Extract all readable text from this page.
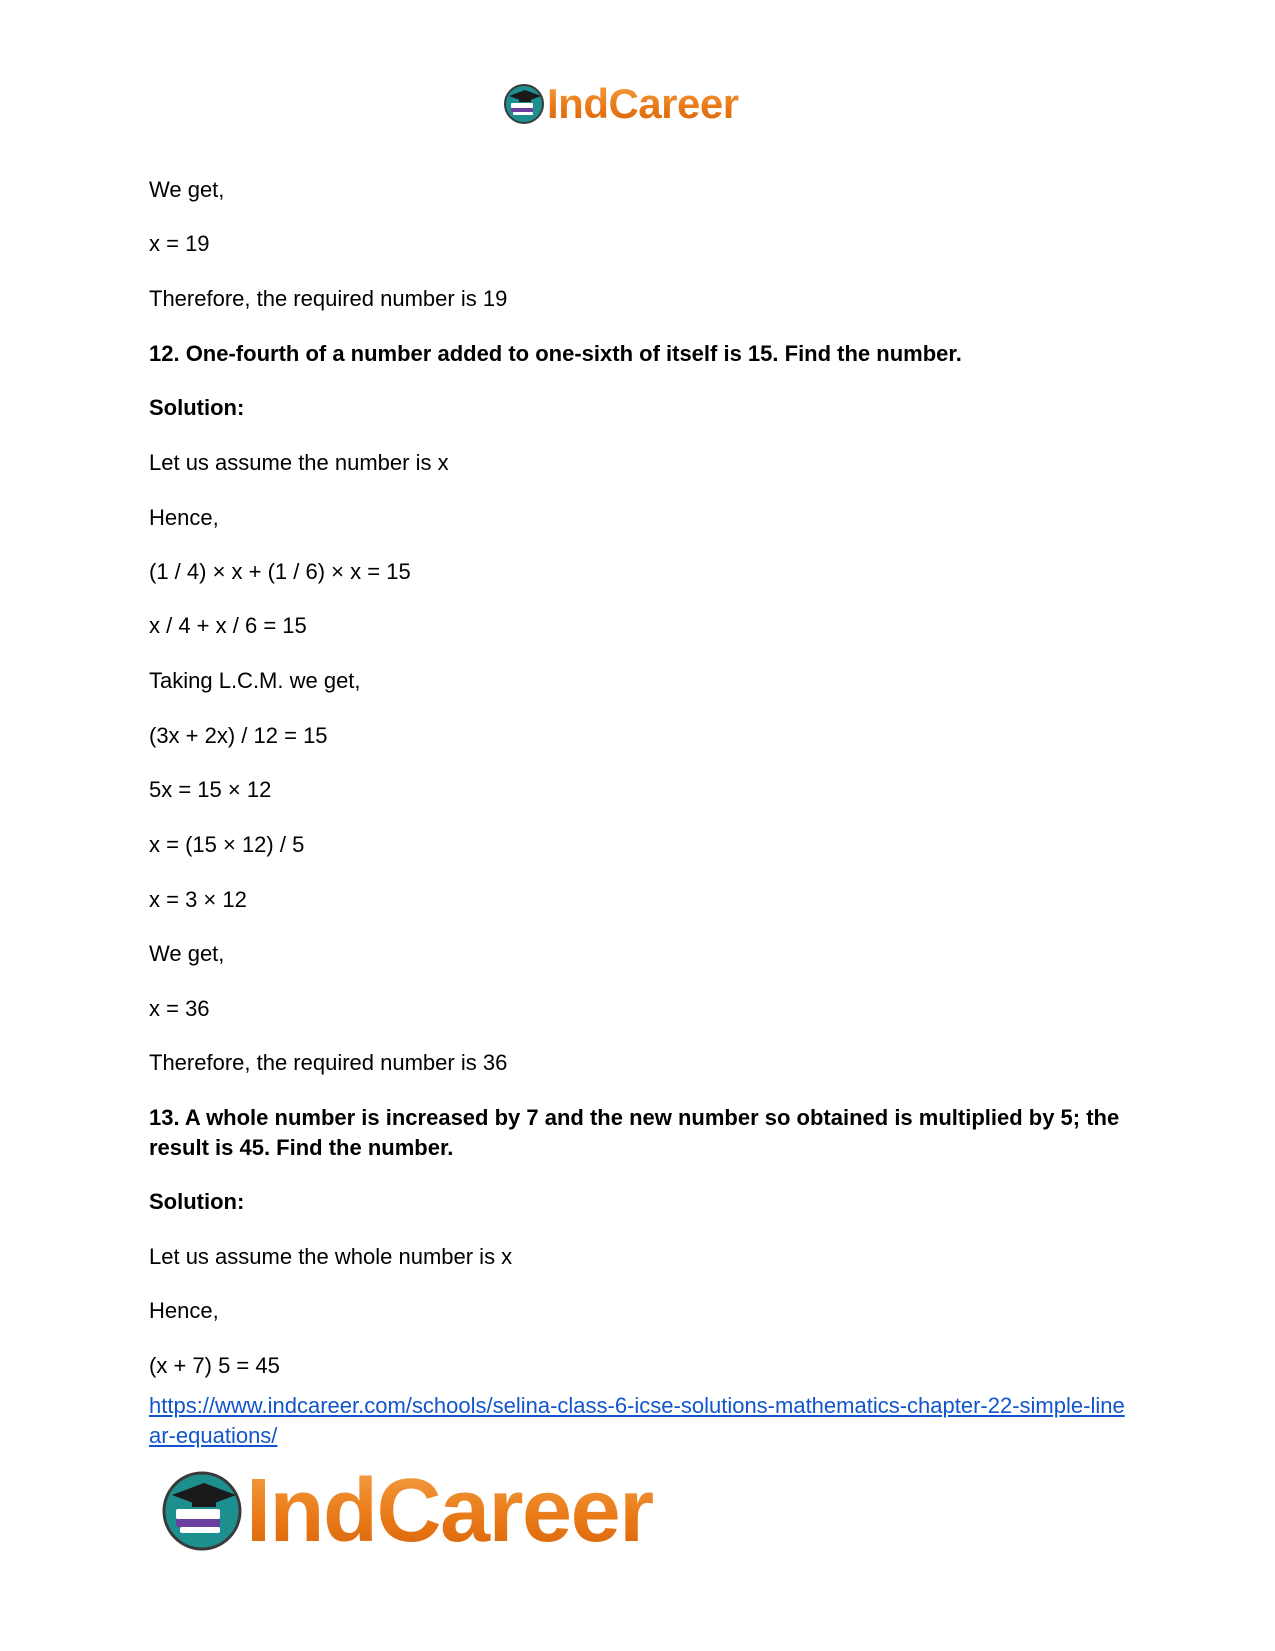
IndCareer
We get,
x = 19
Therefore, the required number is 19
12. One-fourth of a number added to one-sixth of itself is 15. Find the number.
Solution:
Let us assume the number is x
Hence,
(1 / 4) × x + (1 / 6) × x = 15
x / 4 + x / 6 = 15
Taking L.C.M. we get,
(3x + 2x) / 12 = 15
5x = 15 × 12
x = (15 × 12) / 5
x = 3 × 12
We get,
x = 36
Therefore, the required number is 36
13. A whole number is increased by 7 and the new number so obtained is multiplied by 5; the result is 45. Find the number.
Solution:
Let us assume the whole number is x
Hence,
(x + 7) 5 = 45
https://www.indcareer.com/schools/selina-class-6-icse-solutions-mathematics-chapter-22-simple-linear-equations/
IndCareer
